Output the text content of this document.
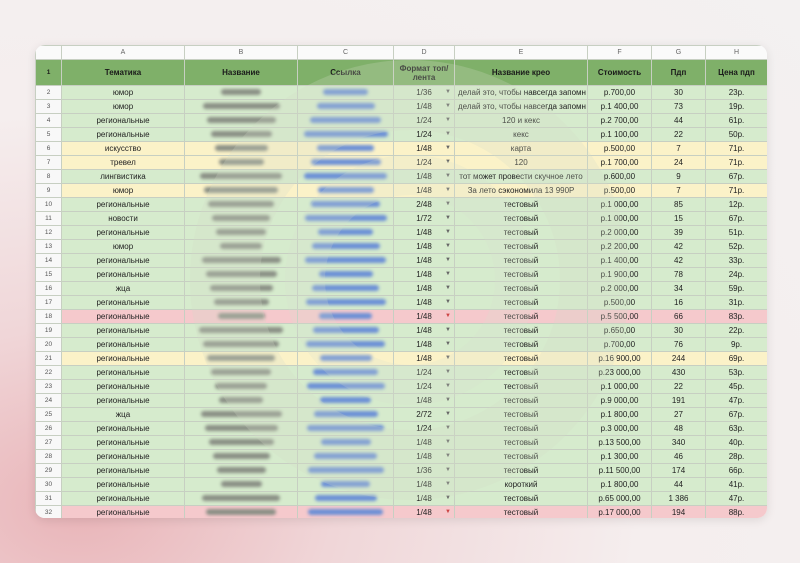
	A	B	C	D	E	F	G	H
1	Тематика	Название	Ссылка	Формат топ/лента	Название крео	Стоимость	Пдп	Цена пдп
2	юмор			1/36 ▼	делай это, чтобы навсегда запомн	р.700,00	30	23р.
3	юмор			1/48 ▼	делай это, чтобы навсегда запомн	р.1 400,00	73	19р.
4	региональные			1/24 ▼	120 и кекс	р.2 700,00	44	61р.
5	региональные			1/24 ▼	кекс	р.1 100,00	22	50р.
6	искусство			1/48 ▼	карта	р.500,00	7	71р.
7	тревел			1/24 ▼	120	р.1 700,00	24	71р.
8	лингвистика			1/48 ▼	тот может провести скучное лето	р.600,00	9	67р.
9	юмор			1/48 ▼	За лето сэкономила 13 990Р	р.500,00	7	71р.
10	региональные			2/48 ▼	тестовый	р.1 000,00	85	12р.
11	новости			1/72 ▼	тестовый	р.1 000,00	15	67р.
12	региональные			1/48 ▼	тестовый	р.2 000,00	39	51р.
13	юмор			1/48 ▼	тестовый	р.2 200,00	42	52р.
14	региональные			1/48 ▼	тестовый	р.1 400,00	42	33р.
15	региональные			1/48 ▼	тестовый	р.1 900,00	78	24р.
16	жца			1/48 ▼	тестовый	р.2 000,00	34	59р.
17	региональные			1/48 ▼	тестовый	р.500,00	16	31р.
18	региональные			1/48 ▼	тестовый	р.5 500,00	66	83р.
19	региональные			1/48 ▼	тестовый	р.650,00	30	22р.
20	региональные			1/48 ▼	тестовый	р.700,00	76	9р.
21	региональные			1/48 ▼	тестовый	р.16 900,00	244	69р.
22	региональные			1/24 ▼	тестовый	р.23 000,00	430	53р.
23	региональные			1/24 ▼	тестовый	р.1 000,00	22	45р.
24	региональные			1/48 ▼	тестовый	р.9 000,00	191	47р.
25	жца			2/72 ▼	тестовый	р.1 800,00	27	67р.
26	региональные			1/24 ▼	тестовый	р.3 000,00	48	63р.
27	региональные			1/48 ▼	тестовый	р.13 500,00	340	40р.
28	региональные			1/48 ▼	тестовый	р.1 300,00	46	28р.
29	региональные			1/36 ▼	тестовый	р.11 500,00	174	66р.
30	региональные			1/48 ▼	короткий	р.1 800,00	44	41р.
31	региональные			1/48 ▼	тестовый	р.65 000,00	1 386	47р.
32	региональные			1/48 ▼	тестовый	р.17 000,00	194	88р.
